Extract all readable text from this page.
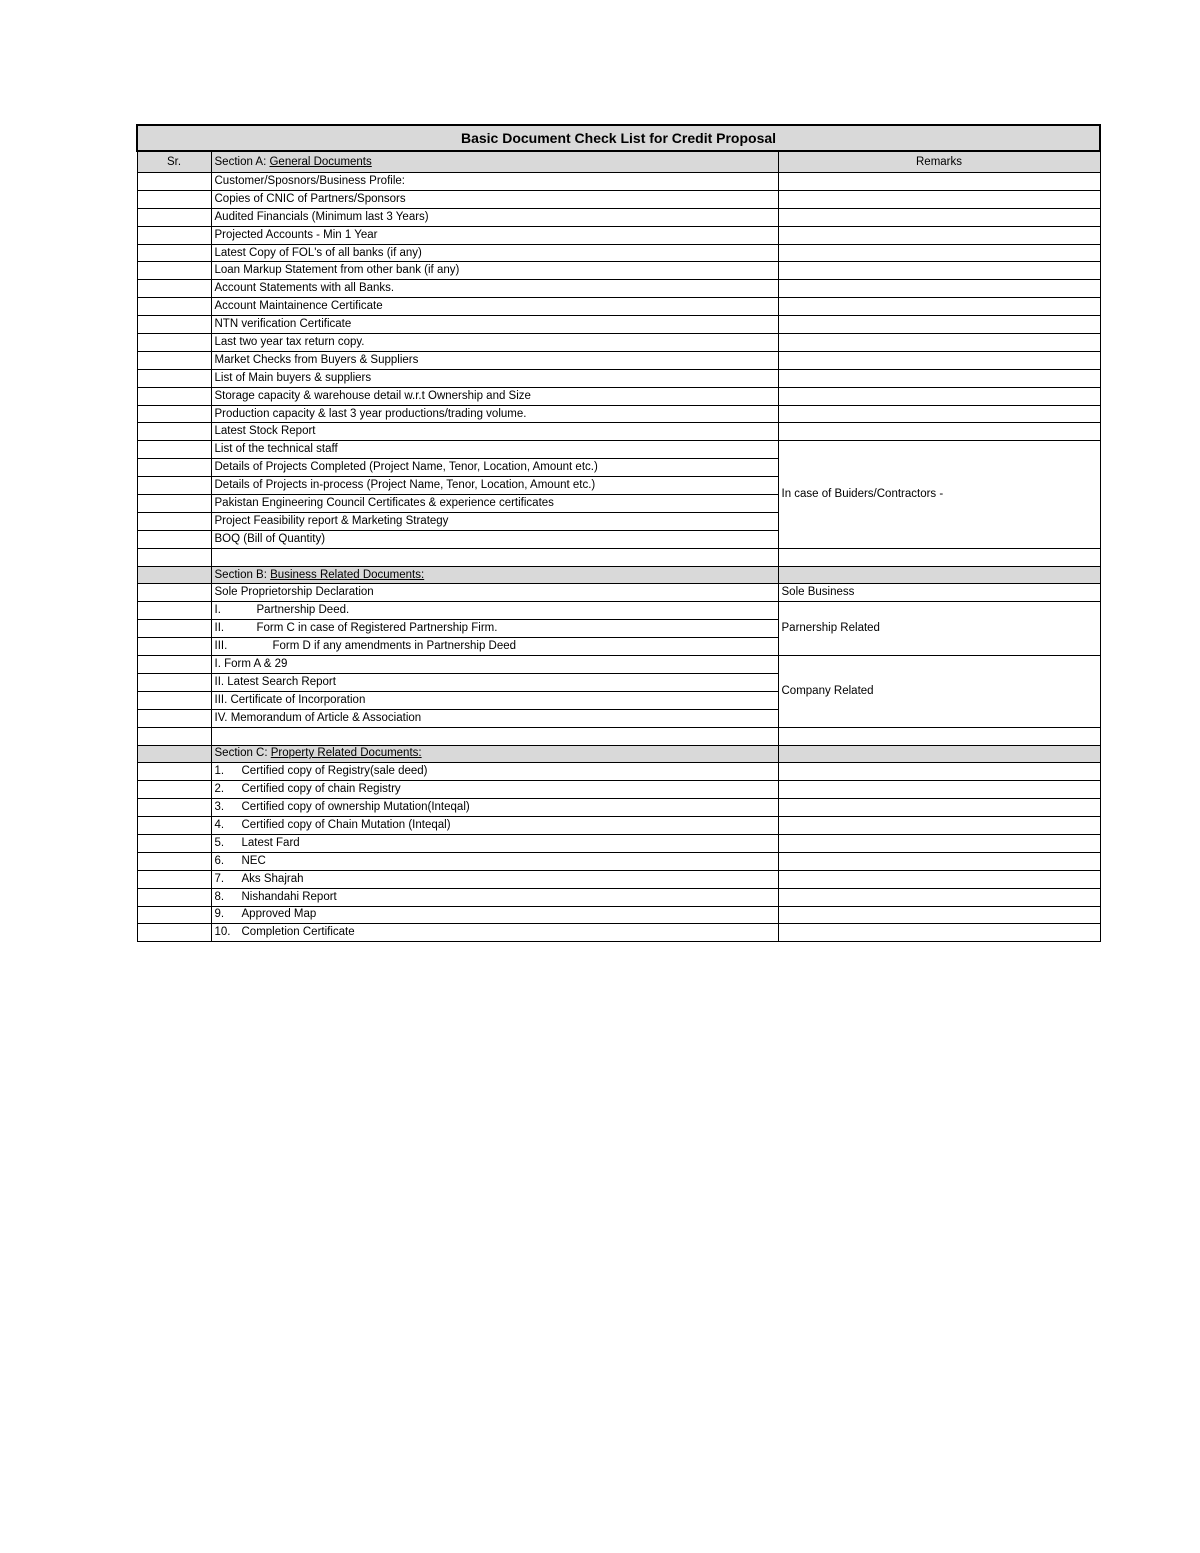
Basic Document Check List for Credit Proposal		
Sr.	Section A: General Documents	Remarks
	Customer/Sposnors/Business Profile:	
	Copies of CNIC of Partners/Sponsors	
	Audited Financials (Minimum last 3 Years)	
	Projected Accounts - Min 1 Year	
	Latest Copy of FOL's of all banks (if any)	
	Loan Markup Statement from other bank (if any)	
	Account Statements with all Banks.	
	Account Maintainence Certificate	
	NTN verification Certificate	
	Last two year tax return copy.	
	Market Checks from Buyers & Suppliers	
	List of Main buyers & suppliers	
	Storage capacity & warehouse detail w.r.t Ownership and Size	
	Production capacity & last 3 year productions/trading volume.	
	Latest Stock Report	
	List of the technical staff	In case of Buiders/Contractors -
	Details of Projects Completed (Project Name, Tenor, Location, Amount etc.)	
	Details of Projects in-process (Project Name, Tenor, Location, Amount etc.)	
	Pakistan Engineering Council Certificates & experience certificates	
	Project Feasibility report & Marketing Strategy	
	BOQ (Bill of Quantity)	

	Section B: Business Related Documents:	
	Sole Proprietorship Declaration	Sole Business
	I. Partnership Deed.	Parnership Related
	II. Form C in case of Registered Partnership Firm.	
	III. Form D if any amendments in Partnership Deed	
	I. Form A & 29	Company Related
	II. Latest Search Report	
	III. Certificate of Incorporation	
	IV. Memorandum of Article & Association	

	Section C: Property Related Documents:	
	1. Certified copy of Registry(sale deed)	
	2. Certified copy of chain Registry	
	3. Certified copy of ownership Mutation(Inteqal)	
	4. Certified copy of Chain Mutation (Inteqal)	
	5. Latest Fard	
	6. NEC	
	7. Aks Shajrah	
	8. Nishandahi Report	
	9. Approved Map	
	10. Completion Certificate	
